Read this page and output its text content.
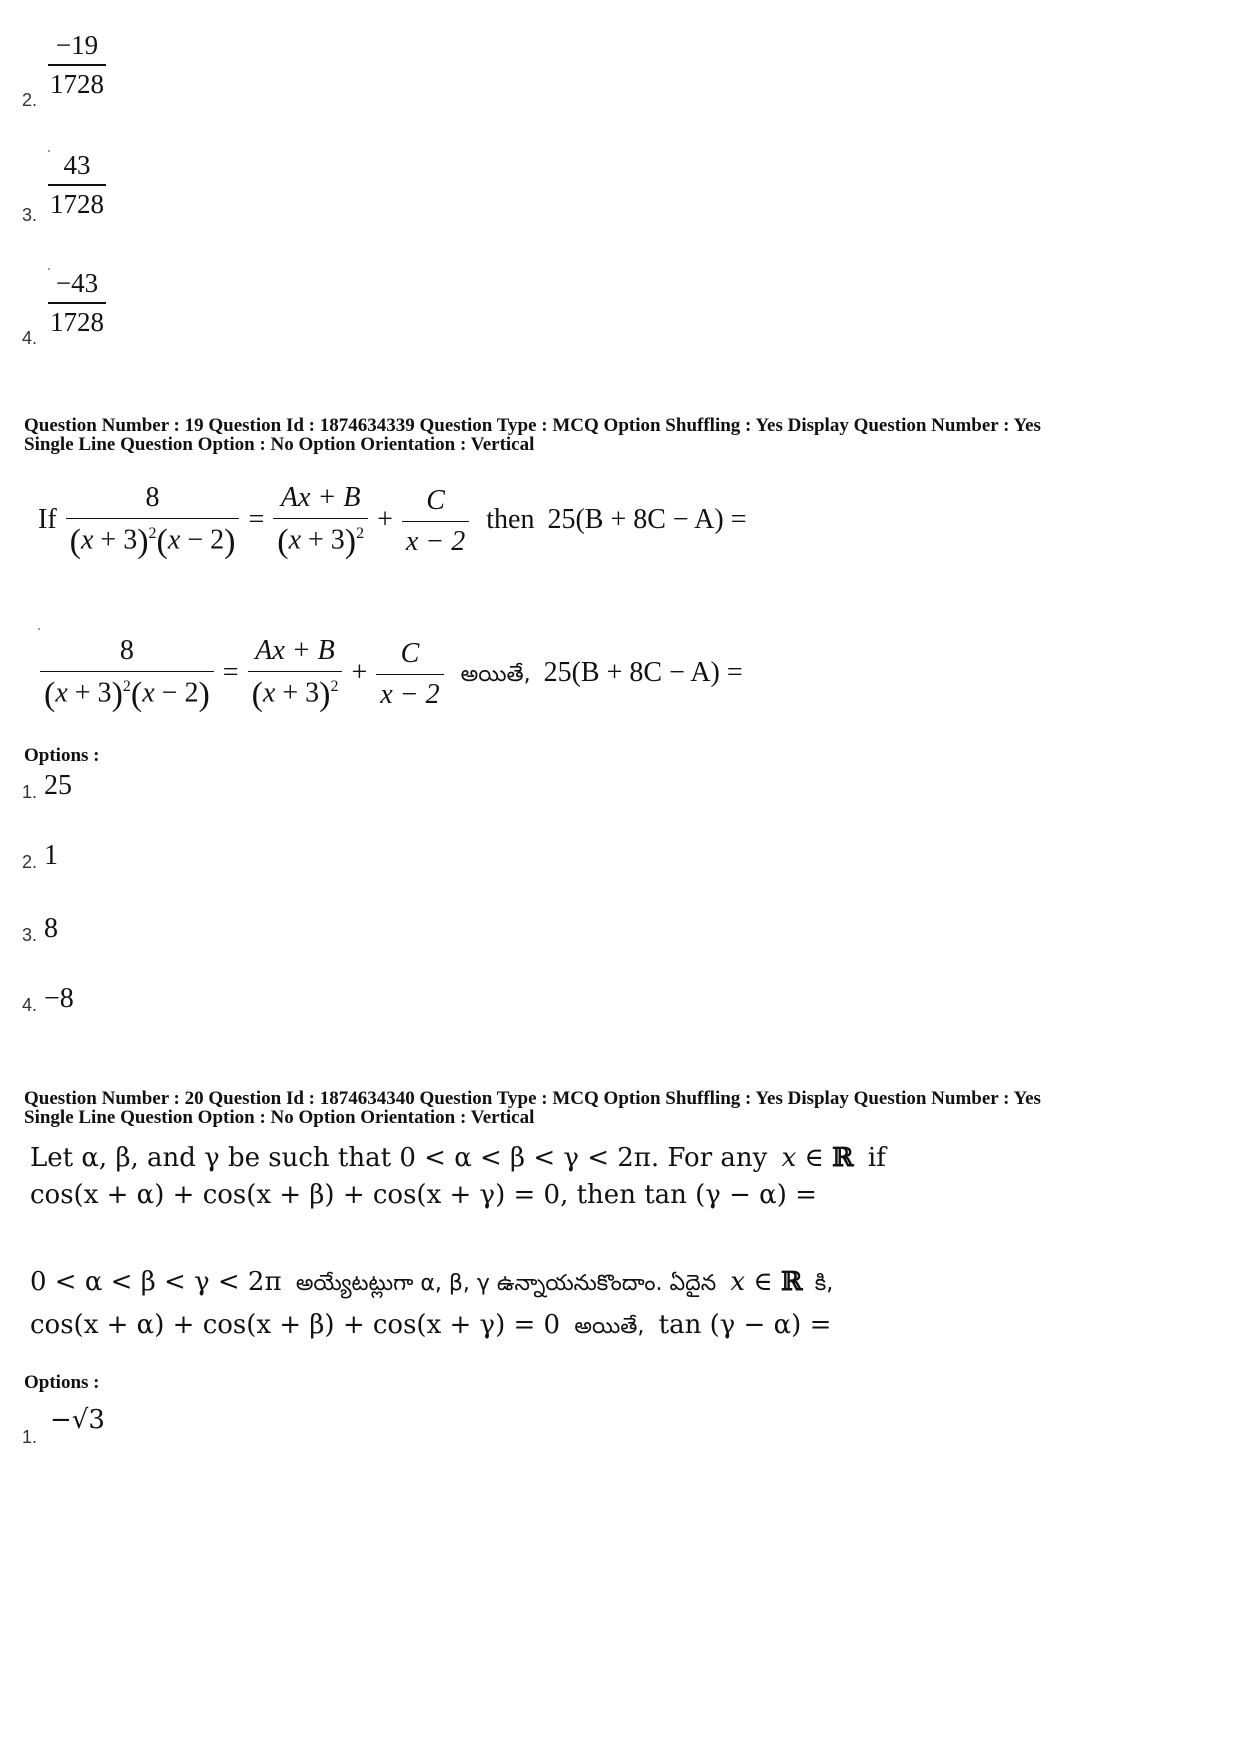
2. $\frac{-19}{1728}$
3. $\frac{43}{1728}$
4. $\frac{-43}{1728}$
Question Number : 19 Question Id : 1874634339 Question Type : MCQ Option Shuffling : Yes Display Question Number : Yes
Single Line Question Option : No Option Orientation : Vertical
If $\frac{8}{(x + 3)^2(x - 2)} = \frac{Ax + B}{(x + 3)^2} + \frac{C}{x - 2}$ then 25(B + 8C − A) =
$\frac{8}{(x + 3)^2(x - 2)} = \frac{Ax + B}{(x + 3)^2} + \frac{C}{x - 2}$ అయితే, 25(B + 8C − A) =
Options :
1. 25
2. 1
3. 8
4. −8
Question Number : 20 Question Id : 1874634340 Question Type : MCQ Option Shuffling : Yes Display Question Number : Yes
Single Line Question Option : No Option Orientation : Vertical
Let α, β, and γ be such that 0 < α < β < γ < 2π. For any x ∈ ℝ if
cos(x + α) + cos(x + β) + cos(x + γ) = 0, then tan (γ − α) =
0 < α < β < γ < 2π అయ్యేటట్లుగా α, β, γ ఉన్నాయనుకొందాం. ఏదైన x ∈ ℝ కి,
cos(x + α) + cos(x + β) + cos(x + γ) = 0 అయితే, tan (γ − α) =
Options :
1.
−√3
